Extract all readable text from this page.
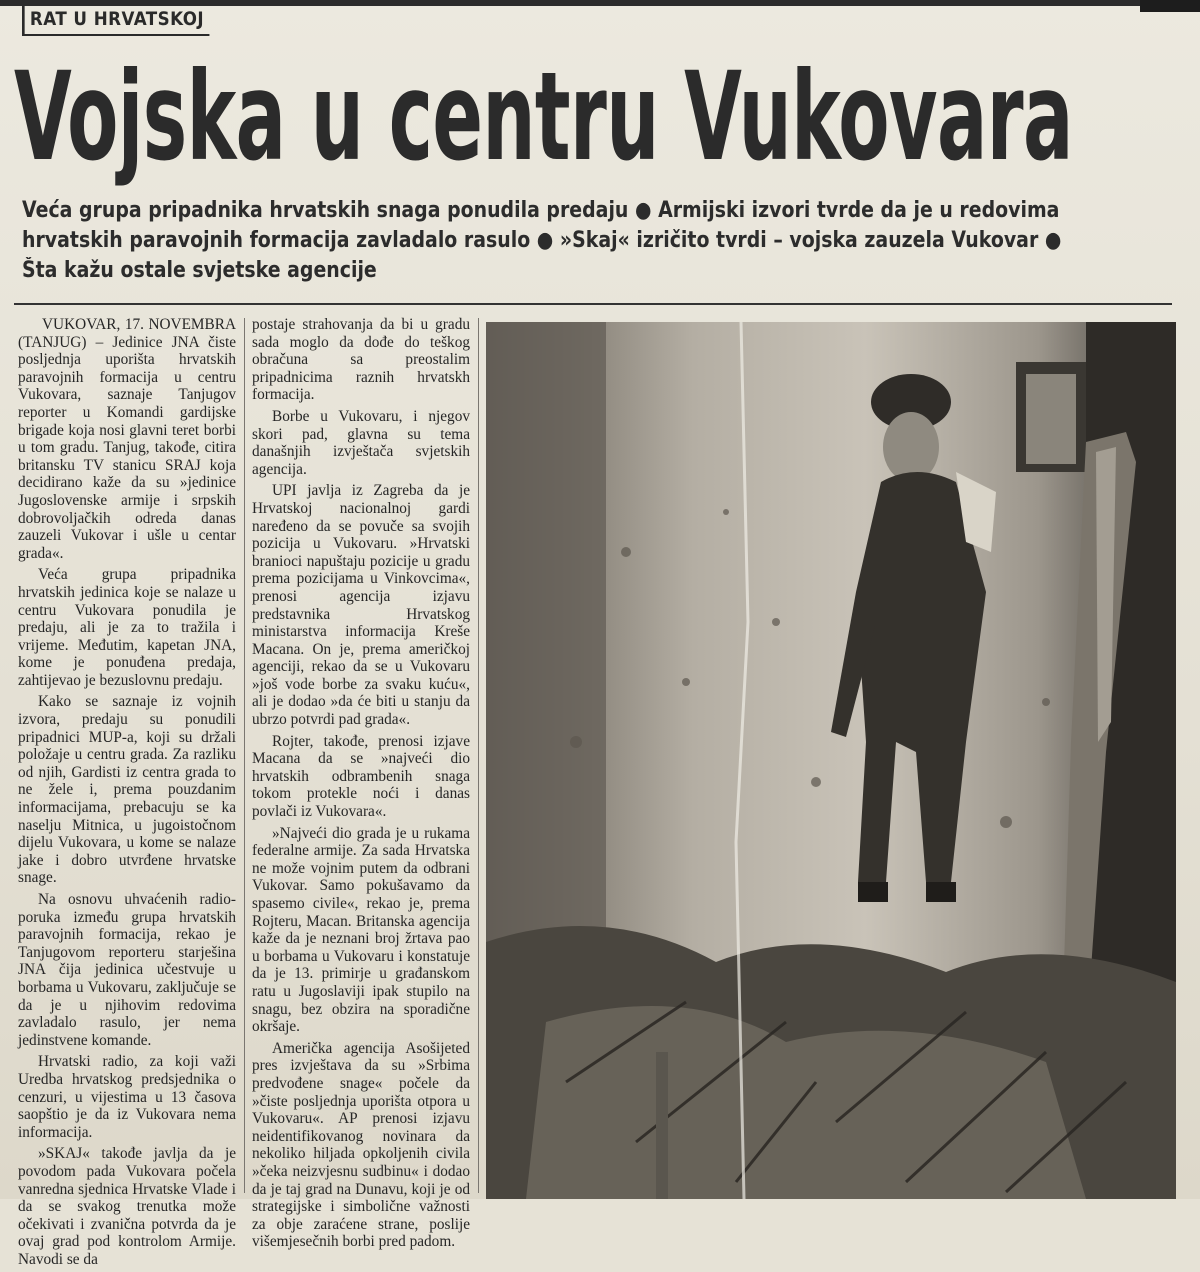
RAT U HRVATSKOJ
Vojska u centru Vukovara
Veća grupa pripadnika hrvatskih snaga ponudila predaju ● Armijski izvori tvrde da je u redovima
hrvatskih paravojnih formacija zavladalo rasulo ● »Skaj« izričito tvrdi – vojska zauzela Vukovar ●
Šta kažu ostale svjetske agencije

VUKOVAR, 17. NOVEMBRA (TANJUG) – Jedinice JNA čiste posljednja uporišta hrvatskih paravojnih formacija u centru Vukovara, saznaje Tanjugov reporter u Komandi gardijske brigade koja nosi glavni teret borbi u tom gradu. Tanjug, takođe, citira britansku TV stanicu SRAJ koja decidirano kaže da su »jedinice Jugoslovenske armije i srpskih dobrovoljačkih odreda danas zauzeli Vukovar i ušle u centar grada«.

Veća grupa pripadnika hrvatskih jedinica koje se nalaze u centru Vukovara ponudila je predaju, ali je za to tražila i vrijeme. Međutim, kapetan JNA, kome je ponuđena predaja, zahtijevao je bezuslovnu predaju.

Kako se saznaje iz vojnih izvora, predaju su ponudili pripadnici MUP-a, koji su držali položaje u centru grada. Za razliku od njih, Gardisti iz centra grada to ne žele i, prema pouzdanim informacijama, prebacuju se ka naselju Mitnica, u jugoistočnom dijelu Vukovara, u kome se nalaze jake i dobro utvrđene hrvatske snage.

Na osnovu uhvaćenih radio-poruka između grupa hrvatskih paravojnih formacija, rekao je Tanjugovom reporteru starješina JNA čija jedinica učestvuje u borbama u Vukovaru, zaključuje se da je u njihovim redovima zavladalo rasulo, jer nema jedinstvene komande.

Hrvatski radio, za koji važi Uredba hrvatskog predsjednika o cenzuri, u vijestima u 13 časova saopštio je da iz Vukovara nema informacija.

»SKAJ« takođe javlja da je povodom pada Vukovara počela vanredna sjednica Hrvatske Vlade i da se svakog trenutka može očekivati i zvanična potvrda da je ovaj grad pod kontrolom Armije. Navodi se da

postaje strahovanja da bi u gradu sada moglo da dođe do teškog obračuna sa preostalim pripadnicima raznih hrvatskh formacija.

Borbe u Vukovaru, i njegov skori pad, glavna su tema današnjih izvještača svjetskih agencija.

UPI javlja iz Zagreba da je Hrvatskoj nacionalnoj gardi naređeno da se povuče sa svojih pozicija u Vukovaru. »Hrvatski branioci napuštaju pozicije u gradu prema pozicijama u Vinkovcima«, prenosi agencija izjavu predstavnika Hrvatskog ministarstva informacija Kreše Macana. On je, prema američkoj agenciji, rekao da se u Vukovaru »još vode borbe za svaku kuću«, ali je dodao »da će biti u stanju da ubrzo potvrdi pad grada«.

Rojter, takođe, prenosi izjave Macana da se »najveći dio hrvatskih odbrambenih snaga tokom protekle noći i danas povlači iz Vukovara«.

»Najveći dio grada je u rukama federalne armije. Za sada Hrvatska ne može vojnim putem da odbrani Vukovar. Samo pokušavamo da spasemo civile«, rekao je, prema Rojteru, Macan. Britanska agencija kaže da je neznani broj žrtava pao u borbama u Vukovaru i konstatuje da je 13. primirje u građanskom ratu u Jugoslaviji ipak stupilo na snagu, bez obzira na sporadične okršaje.

Američka agencija Asošijeted pres izvještava da su »Srbima predvođene snage« počele da »čiste posljednja uporišta otpora u Vukovaru«. AP prenosi izjavu neidentifikovanog novinara da nekoliko hiljada opkoljenih civila »čeka neizvjesnu sudbinu« i dodao da je taj grad na Dunavu, koji je od strategijske i simbolične važnosti za obje zaraćene strane, poslije višemjesečnih borbi pred padom.
